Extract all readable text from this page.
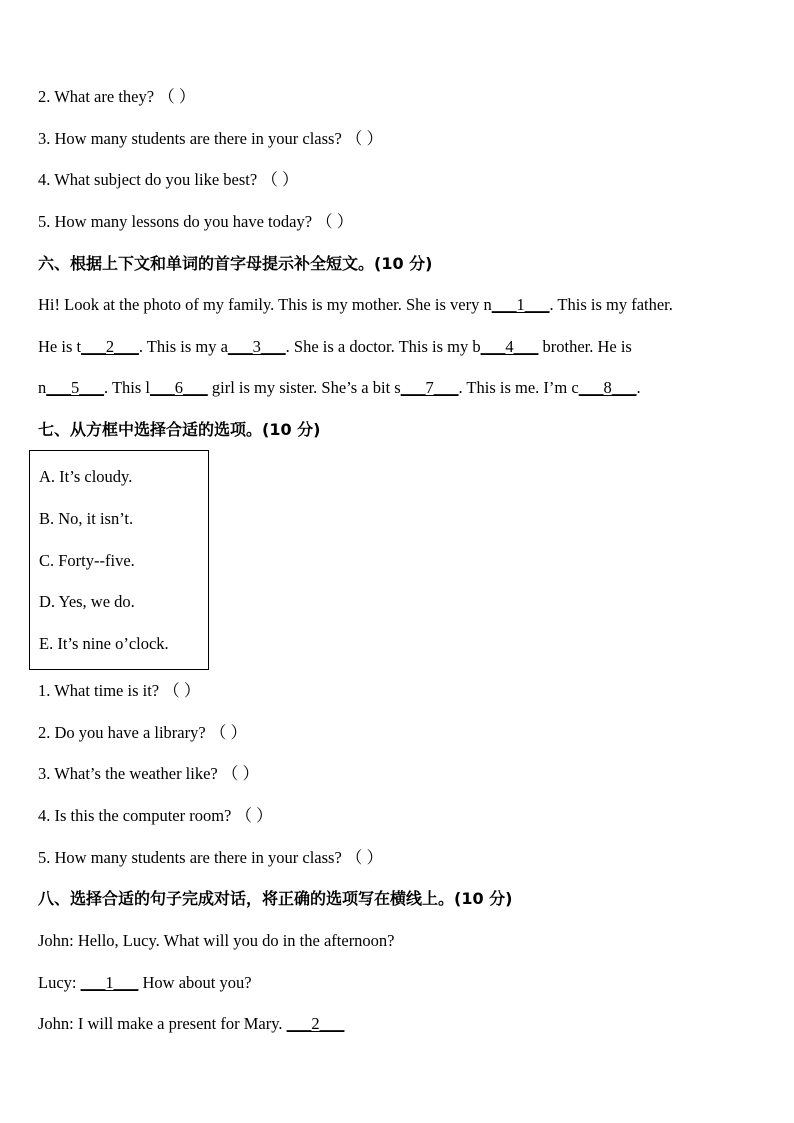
2. What are they? （ ）
3. How many students are there in your class? （ ）
4. What subject do you like best? （ ）
5. How many lessons do you have today? （ ）
六、根据上下文和单词的首字母提示补全短文。(10 分)
Hi! Look at the photo of my family. This is my mother. She is very n___1___. This is my father.
He is t___2___. This is my a___3___. She is a doctor. This is my b___4___ brother. He is
n___5___. This l___6___ girl is my sister. She’s a bit s___7___. This is me. I’m c___8___.
七、从方框中选择合适的选项。(10 分)
A. It’s cloudy.
B. No, it isn’t.
C. Forty--five.
D. Yes, we do.
E. It’s nine o’clock.
1. What time is it? （ ）
2. Do you have a library? （ ）
3. What’s the weather like? （ ）
4. Is this the computer room? （ ）
5. How many students are there in your class? （ ）
八、选择合适的句子完成对话，将正确的选项写在横线上。(10 分)
John: Hello, Lucy. What will you do in the afternoon?
Lucy: ___1___ How about you?
John: I will make a present for Mary. ___2___
